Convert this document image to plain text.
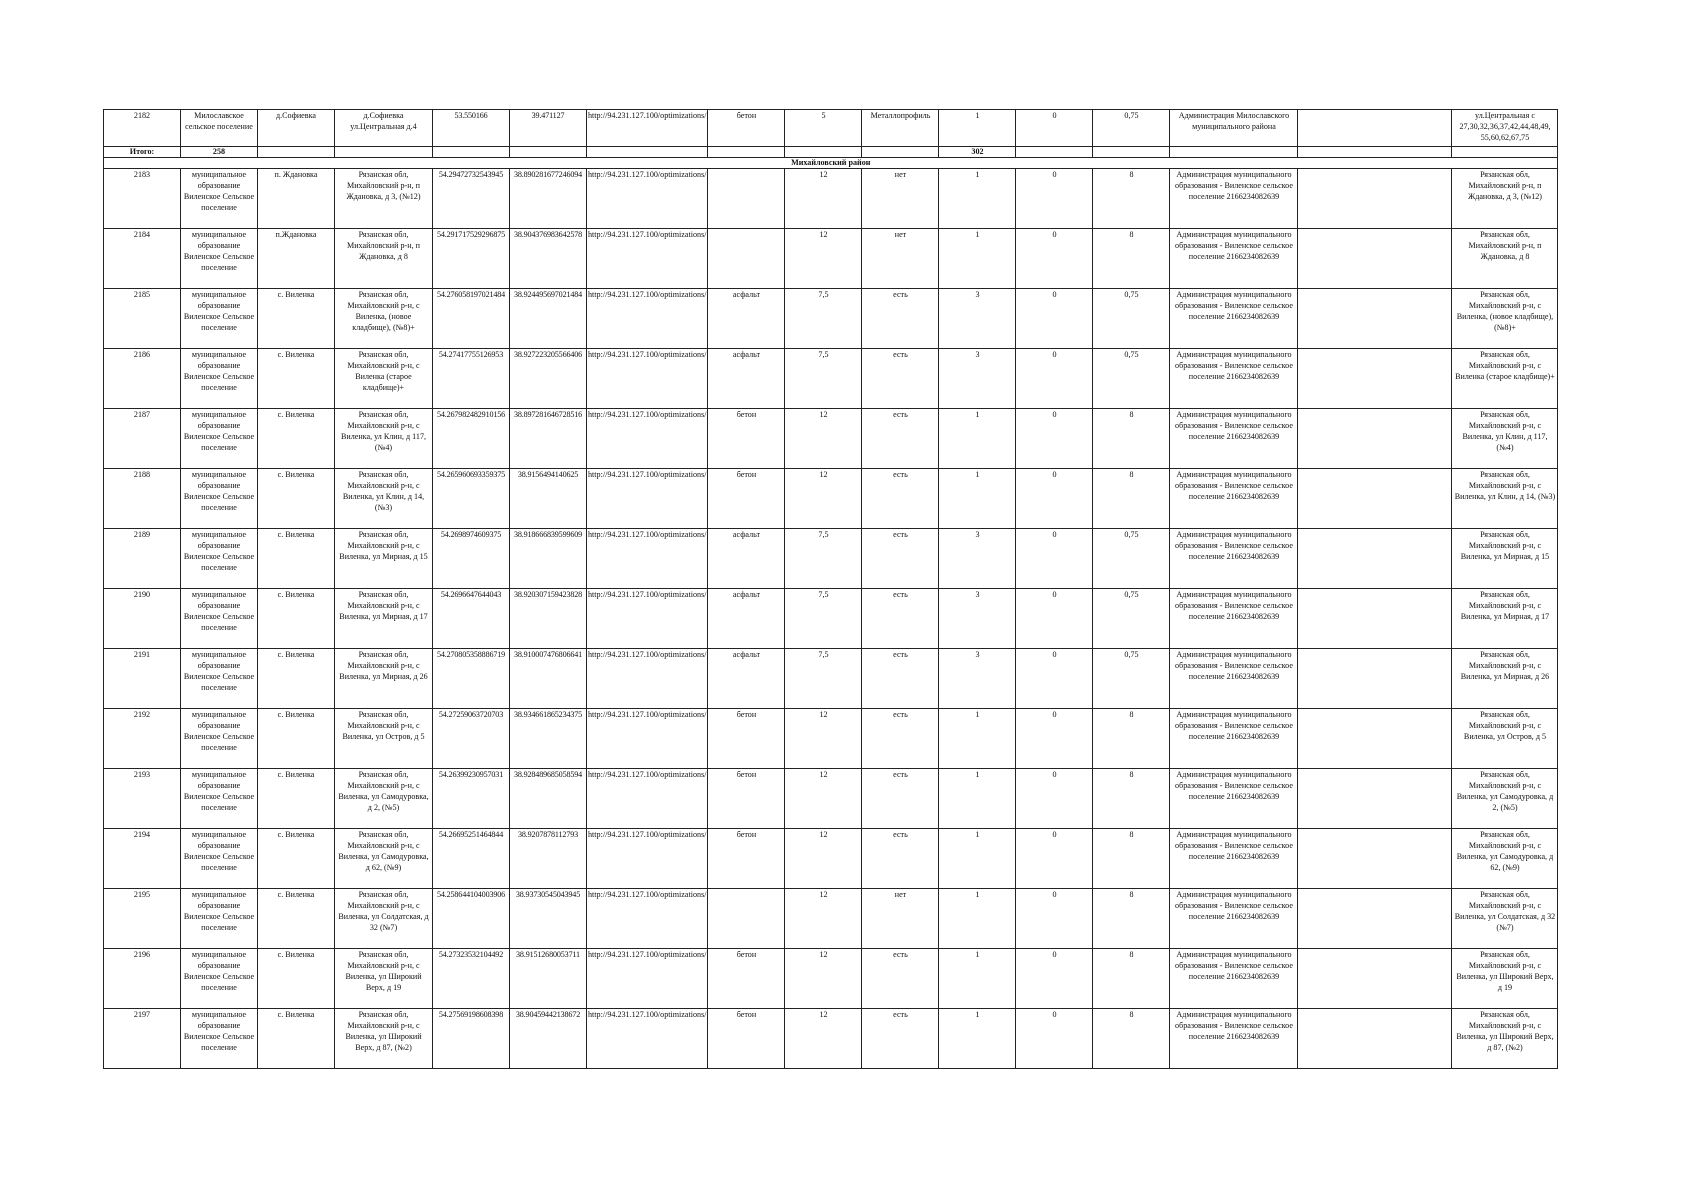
2182	Милославское сельское поселение	д.Софиевка	д.Софиевка ул.Центральная д.4	53.550166	39.471127	http://94.231.127.100/optimizations/	бетон	5	Металлопрофиль	1	0	0,75	Администрация Милославского муниципального района		ул.Центральная с 27,30,32,36,37,42,44,48,49, 55,60,62,67,75
Итого:	258									302					
Михайловский район															
2183	муниципальное образование Виленское Сельское поселение	п. Ждановка	Рязанская обл, Михайловский р-н, п Ждановка, д 3, (№12)	54.29472732543945	38.890281677246094	http://94.231.127.100/optimizations/		12	нет	1	0	8	Администрация муниципального образования - Виленское сельское поселение 2166234082639		Рязанская обл, Михайловский р-н, п Ждановка, д 3, (№12)
2184	муниципальное образование Виленское Сельское поселение	п.Ждановка	Рязанская обл, Михайловский р-н, п Ждановка, д 8	54.291717529296875	38.904376983642578	http://94.231.127.100/optimizations/		12	нет	1	0	8	Администрация муниципального образования - Виленское сельское поселение 2166234082639		Рязанская обл, Михайловский р-н, п Ждановка, д 8
2185	муниципальное образование Виленское Сельское поселение	с. Виленка	Рязанская обл, Михайловский р-н, с Виленка, (новое кладбище), (№8)+	54.276058197021484	38.924495697021484	http://94.231.127.100/optimizations/	асфальт	7,5	есть	3	0	0,75	Администрация муниципального образования - Виленское сельское поселение 2166234082639		Рязанская обл, Михайловский р-н, с Виленка, (новое кладбище), (№8)+
2186	муниципальное образование Виленское Сельское поселение	с. Виленка	Рязанская обл, Михайловский р-н, с Виленка (старое кладбище)+	54.27417755126953	38.927223205566406	http://94.231.127.100/optimizations/	асфальт	7,5	есть	3	0	0,75	Администрация муниципального образования - Виленское сельское поселение 2166234082639		Рязанская обл, Михайловский р-н, с Виленка (старое кладбище)+
2187	муниципальное образование Виленское Сельское поселение	с. Виленка	Рязанская обл, Михайловский р-н, с Виленка, ул Клин, д 117, (№4)	54.267982482910156	38.897281646728516	http://94.231.127.100/optimizations/	бетон	12	есть	1	0	8	Администрация муниципального образования - Виленское сельское поселение 2166234082639		Рязанская обл, Михайловский р-н, с Виленка, ул Клин, д 117, (№4)
2188	муниципальное образование Виленское Сельское поселение	с. Виленка	Рязанская обл, Михайловский р-н, с Виленка, ул Клин, д 14, (№3)	54.265960693359375	38.9156494140625	http://94.231.127.100/optimizations/	бетон	12	есть	1	0	8	Администрация муниципального образования - Виленское сельское поселение 2166234082639		Рязанская обл, Михайловский р-н, с Виленка, ул Клин, д 14, (№3)
2189	муниципальное образование Виленское Сельское поселение	с. Виленка	Рязанская обл, Михайловский р-н, с Виленка, ул Мирная, д 15	54.2698974609375	38.918666839599609	http://94.231.127.100/optimizations/	асфальт	7,5	есть	3	0	0,75	Администрация муниципального образования - Виленское сельское поселение 2166234082639		Рязанская обл, Михайловский р-н, с Виленка, ул Мирная, д 15
2190	муниципальное образование Виленское Сельское поселение	с. Виленка	Рязанская обл, Михайловский р-н, с Виленка, ул Мирная, д 17	54.2696647644043	38.920307159423828	http://94.231.127.100/optimizations/	асфальт	7,5	есть	3	0	0,75	Администрация муниципального образования - Виленское сельское поселение 2166234082639		Рязанская обл, Михайловский р-н, с Виленка, ул Мирная, д 17
2191	муниципальное образование Виленское Сельское поселение	с. Виленка	Рязанская обл, Михайловский р-н, с Виленка, ул Мирная, д 26	54.270805358886719	38.910007476806641	http://94.231.127.100/optimizations/	асфальт	7,5	есть	3	0	0,75	Администрация муниципального образования - Виленское сельское поселение 2166234082639		Рязанская обл, Михайловский р-н, с Виленка, ул Мирная, д 26
2192	муниципальное образование Виленское Сельское поселение	с. Виленка	Рязанская обл, Михайловский р-н, с Виленка, ул Остров, д 5	54.27259063720703	38.934661865234375	http://94.231.127.100/optimizations/	бетон	12	есть	1	0	8	Администрация муниципального образования - Виленское сельское поселение 2166234082639		Рязанская обл, Михайловский р-н, с Виленка, ул Остров, д 5
2193	муниципальное образование Виленское Сельское поселение	с. Виленка	Рязанская обл, Михайловский р-н, с Виленка, ул Самодуровка, д 2, (№5)	54.26399230957031	38.928489685058594	http://94.231.127.100/optimizations/	бетон	12	есть	1	0	8	Администрация муниципального образования - Виленское сельское поселение 2166234082639		Рязанская обл, Михайловский р-н, с Виленка, ул Самодуровка, д 2, (№5)
2194	муниципальное образование Виленское Сельское поселение	с. Виленка	Рязанская обл, Михайловский р-н, с Виленка, ул Самодуровка, д 62, (№9)	54.26695251464844	38.9207878112793	http://94.231.127.100/optimizations/	бетон	12	есть	1	0	8	Администрация муниципального образования - Виленское сельское поселение 2166234082639		Рязанская обл, Михайловский р-н, с Виленка, ул Самодуровка, д 62, (№9)
2195	муниципальное образование Виленское Сельское поселение	с. Виленка	Рязанская обл, Михайловский р-н, с Виленка, ул Солдатская, д 32 (№7)	54.258644104003906	38.93730545043945	http://94.231.127.100/optimizations/		12	нет	1	0	8	Администрация муниципального образования - Виленское сельское поселение 2166234082639		Рязанская обл, Михайловский р-н, с Виленка, ул Солдатская, д 32 (№7)
2196	муниципальное образование Виленское Сельское поселение	с. Виленка	Рязанская обл, Михайловский р-н, с Виленка, ул Широкий Верх, д 19	54.27323532104492	38.91512680053711	http://94.231.127.100/optimizations/	бетон	12	есть	1	0	8	Администрация муниципального образования - Виленское сельское поселение 2166234082639		Рязанская обл, Михайловский р-н, с Виленка, ул Широкий Верх, д 19
2197	муниципальное образование Виленское Сельское поселение	с. Виленка	Рязанская обл, Михайловский р-н, с Виленка, ул Широкий Верх, д 87, (№2)	54.27569198608398	38.90459442138672	http://94.231.127.100/optimizations/	бетон	12	есть	1	0	8	Администрация муниципального образования - Виленское сельское поселение 2166234082639		Рязанская обл, Михайловский р-н, с Виленка, ул Широкий Верх, д 87, (№2)
